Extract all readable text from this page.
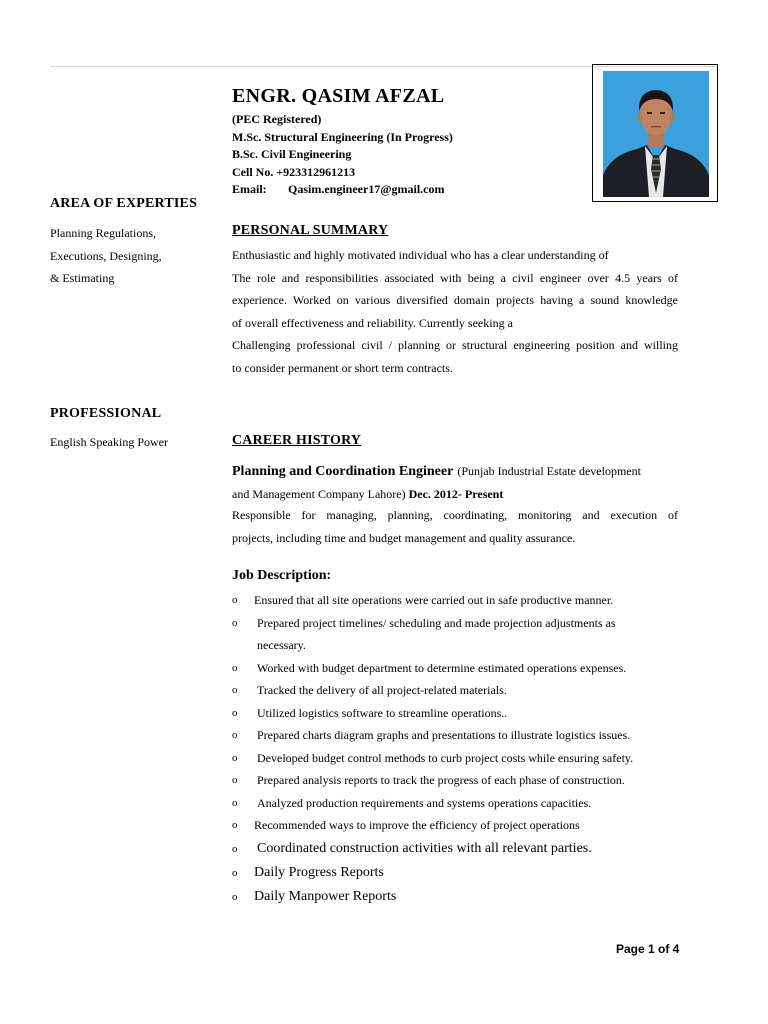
ENGR. QASIM AFZAL
(PEC Registered)
M.Sc. Structural Engineering (In Progress)
B.Sc. Civil Engineering
Cell No. +923312961213
Email: Qasim.engineer17@gmail.com
AREA OF EXPERTIES
Planning Regulations,
Executions, Designing,
& Estimating
PROFESSIONAL
English Speaking Power
PERSONAL SUMMARY
Enthusiastic and highly motivated individual who has a clear understanding of
The role and responsibilities associated with being a civil engineer over 4.5 years of
experience. Worked on various diversified domain projects having a sound knowledge
of overall effectiveness and reliability. Currently seeking a
Challenging professional civil / planning or structural engineering position and willing
to consider permanent or short term contracts.
CAREER HISTORY
Planning and Coordination Engineer (Punjab Industrial Estate development
and Management Company Lahore) Dec. 2012- Present
Responsible for managing, planning, coordinating, monitoring and execution of
projects, including time and budget management and quality assurance.
Job Description:
o Ensured that all site operations were carried out in safe productive manner.
o Prepared project timelines/ scheduling and made projection adjustments as
necessary.
o Worked with budget department to determine estimated operations expenses.
o Tracked the delivery of all project-related materials.
o Utilized logistics software to streamline operations..
o Prepared charts diagram graphs and presentations to illustrate logistics issues.
o Developed budget control methods to curb project costs while ensuring safety.
o Prepared analysis reports to track the progress of each phase of construction.
o Analyzed production requirements and systems operations capacities.
o Recommended ways to improve the efficiency of project operations
o Coordinated construction activities with all relevant parties.
o Daily Progress Reports
o Daily Manpower Reports
Page 1 of 4
